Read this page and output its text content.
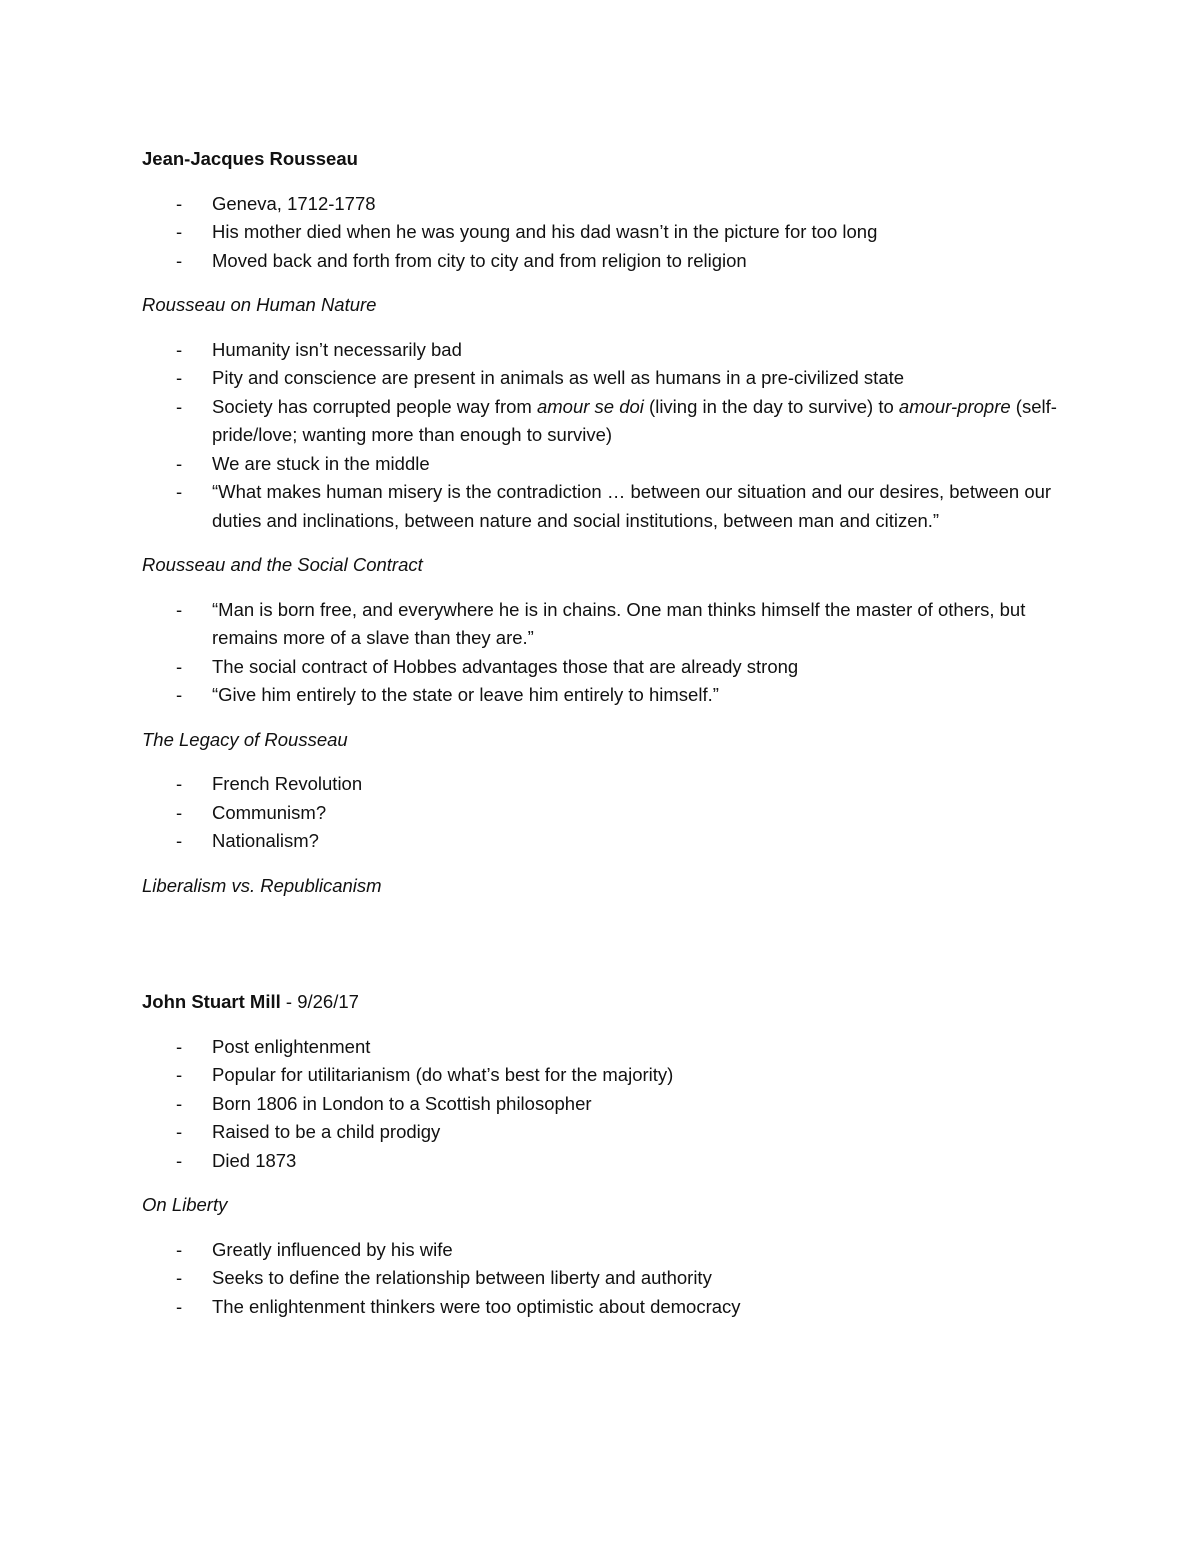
Jean-Jacques Rousseau

- Geneva, 1712-1778
- His mother died when he was young and his dad wasn’t in the picture for too long
- Moved back and forth from city to city and from religion to religion

Rousseau on Human Nature

- Humanity isn’t necessarily bad
- Pity and conscience are present in animals as well as humans in a pre-civilized state
- Society has corrupted people way from amour se doi (living in the day to survive) to amour-propre (self-pride/love; wanting more than enough to survive)
- We are stuck in the middle
- “What makes human misery is the contradiction … between our situation and our desires, between our duties and inclinations, between nature and social institutions, between man and citizen.”

Rousseau and the Social Contract

- “Man is born free, and everywhere he is in chains. One man thinks himself the master of others, but remains more of a slave than they are.”
- The social contract of Hobbes advantages those that are already strong
- “Give him entirely to the state or leave him entirely to himself.”

The Legacy of Rousseau

- French Revolution
- Communism?
- Nationalism?

Liberalism vs. Republicanism

John Stuart Mill - 9/26/17

- Post enlightenment
- Popular for utilitarianism (do what’s best for the majority)
- Born 1806 in London to a Scottish philosopher
- Raised to be a child prodigy
- Died 1873

On Liberty

- Greatly influenced by his wife
- Seeks to define the relationship between liberty and authority
- The enlightenment thinkers were too optimistic about democracy
